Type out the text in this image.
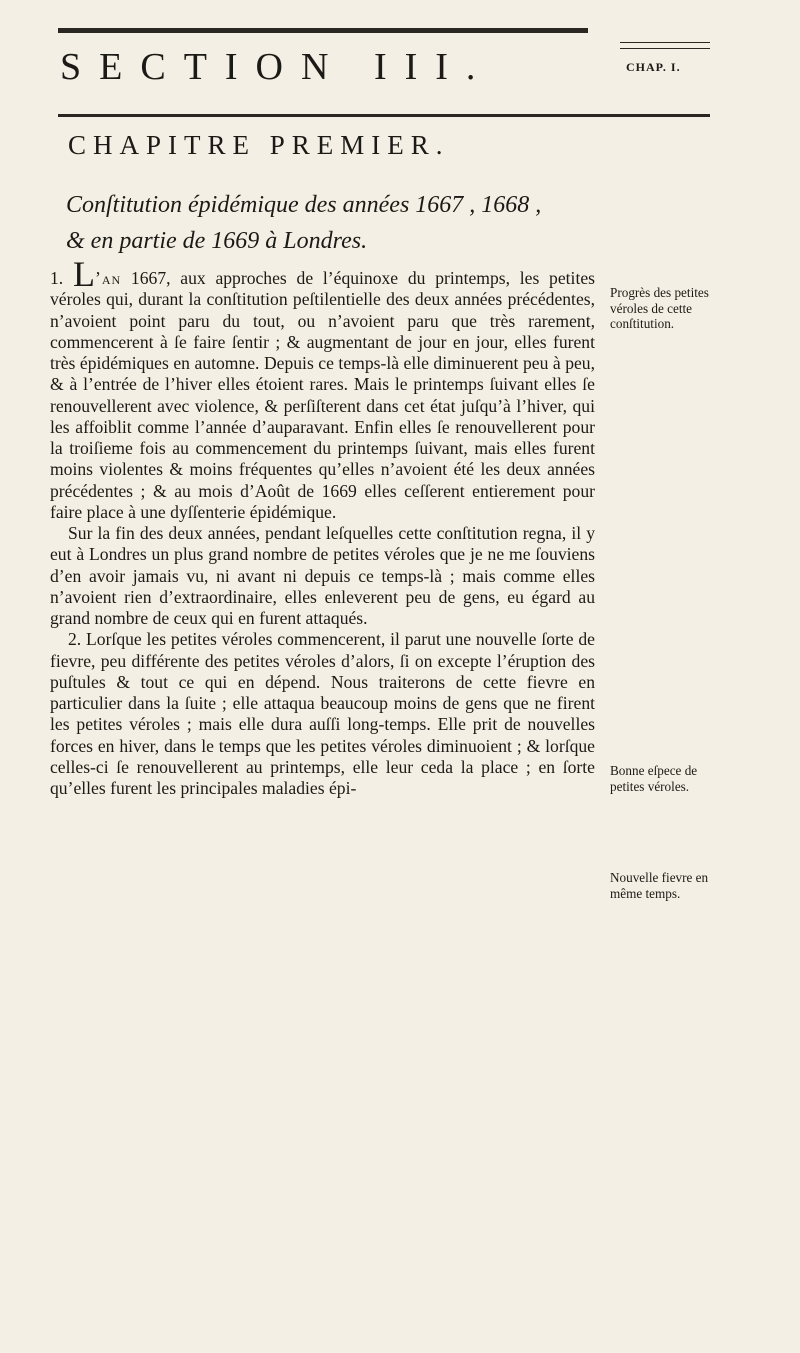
SECTION III.	CHAP. I.
CHAPITRE PREMIER.
Conſtitution épidémique des années 1667 , 1668 ,
& en partie de 1669 à Londres.

1. L’an 1667, aux approches de l’équinoxe du printemps, les petites véroles qui, durant la conſtitution peſtilentielle des deux années précédentes, n’avoient point paru du tout, ou n’avoient paru que très rarement, commencerent à ſe faire ſentir ; & augmentant de jour en jour, elles furent très épidémiques en automne. Depuis ce temps-là elle diminuerent peu à peu, & à l’entrée de l’hiver elles étoient rares. Mais le printemps ſuivant elles ſe renouvellerent avec violence, & perſiſterent dans cet état juſqu’à l’hiver, qui les affoiblit comme l’année d’auparavant. Enfin elles ſe renouvellerent pour la troiſieme fois au commencement du printemps ſuivant, mais elles furent moins violentes & moins fréquentes qu’elles n’avoient été les deux années précédentes ; & au mois d’Août de 1669 elles ceſſerent entierement pour faire place à une dyſſenterie épidémique.

Sur la fin des deux années, pendant leſquelles cette conſtitution regna, il y eut à Londres un plus grand nombre de petites véroles que je ne me ſouviens d’en avoir jamais vu, ni avant ni depuis ce temps-là ; mais comme elles n’avoient rien d’extraordinaire, elles enleverent peu de gens, eu égard au grand nombre de ceux qui en furent attaqués.

2. Lorſque les petites véroles commencerent, il parut une nouvelle ſorte de fievre, peu différente des petites véroles d’alors, ſi on excepte l’éruption des puſtules & tout ce qui en dépend. Nous traiterons de cette fievre en particulier dans la ſuite ; elle attaqua beaucoup moins de gens que ne firent les petites véroles ; mais elle dura auſſi long-temps. Elle prit de nouvelles forces en hiver, dans le temps que les petites véroles diminuoient ; & lorſque celles-ci ſe renouvellerent au printemps, elle leur ceda la place ; en ſorte qu’elles furent les principales maladies épi-

Progrès des petites véroles de cette conſtitution.
Bonne eſpece de petites véroles.
Nouvelle fievre en même temps.
